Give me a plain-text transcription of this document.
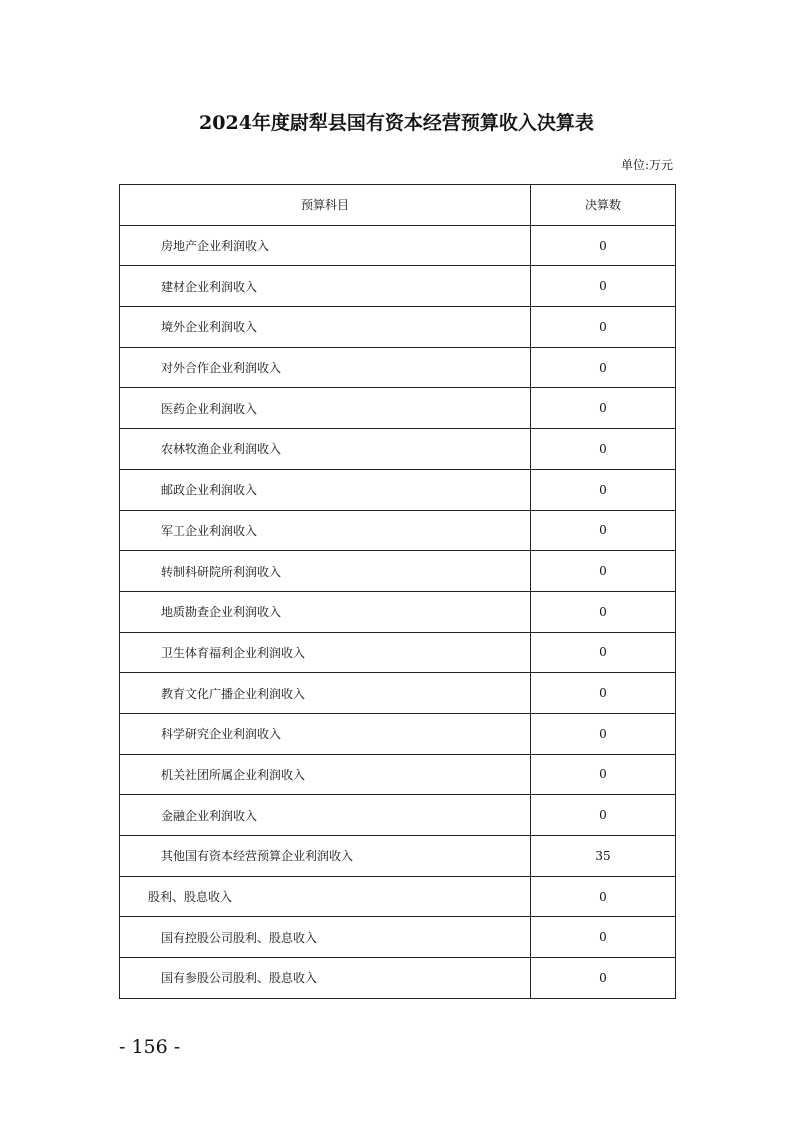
2024年度尉犁县国有资本经营预算收入决算表
单位:万元
预算科目	决算数
房地产企业利润收入	0
建材企业利润收入	0
境外企业利润收入	0
对外合作企业利润收入	0
医药企业利润收入	0
农林牧渔企业利润收入	0
邮政企业利润收入	0
军工企业利润收入	0
转制科研院所利润收入	0
地质勘查企业利润收入	0
卫生体育福利企业利润收入	0
教育文化广播企业利润收入	0
科学研究企业利润收入	0
机关社团所属企业利润收入	0
金融企业利润收入	0
其他国有资本经营预算企业利润收入	35
股利、股息收入	0
国有控股公司股利、股息收入	0
国有参股公司股利、股息收入	0
- 156 -
